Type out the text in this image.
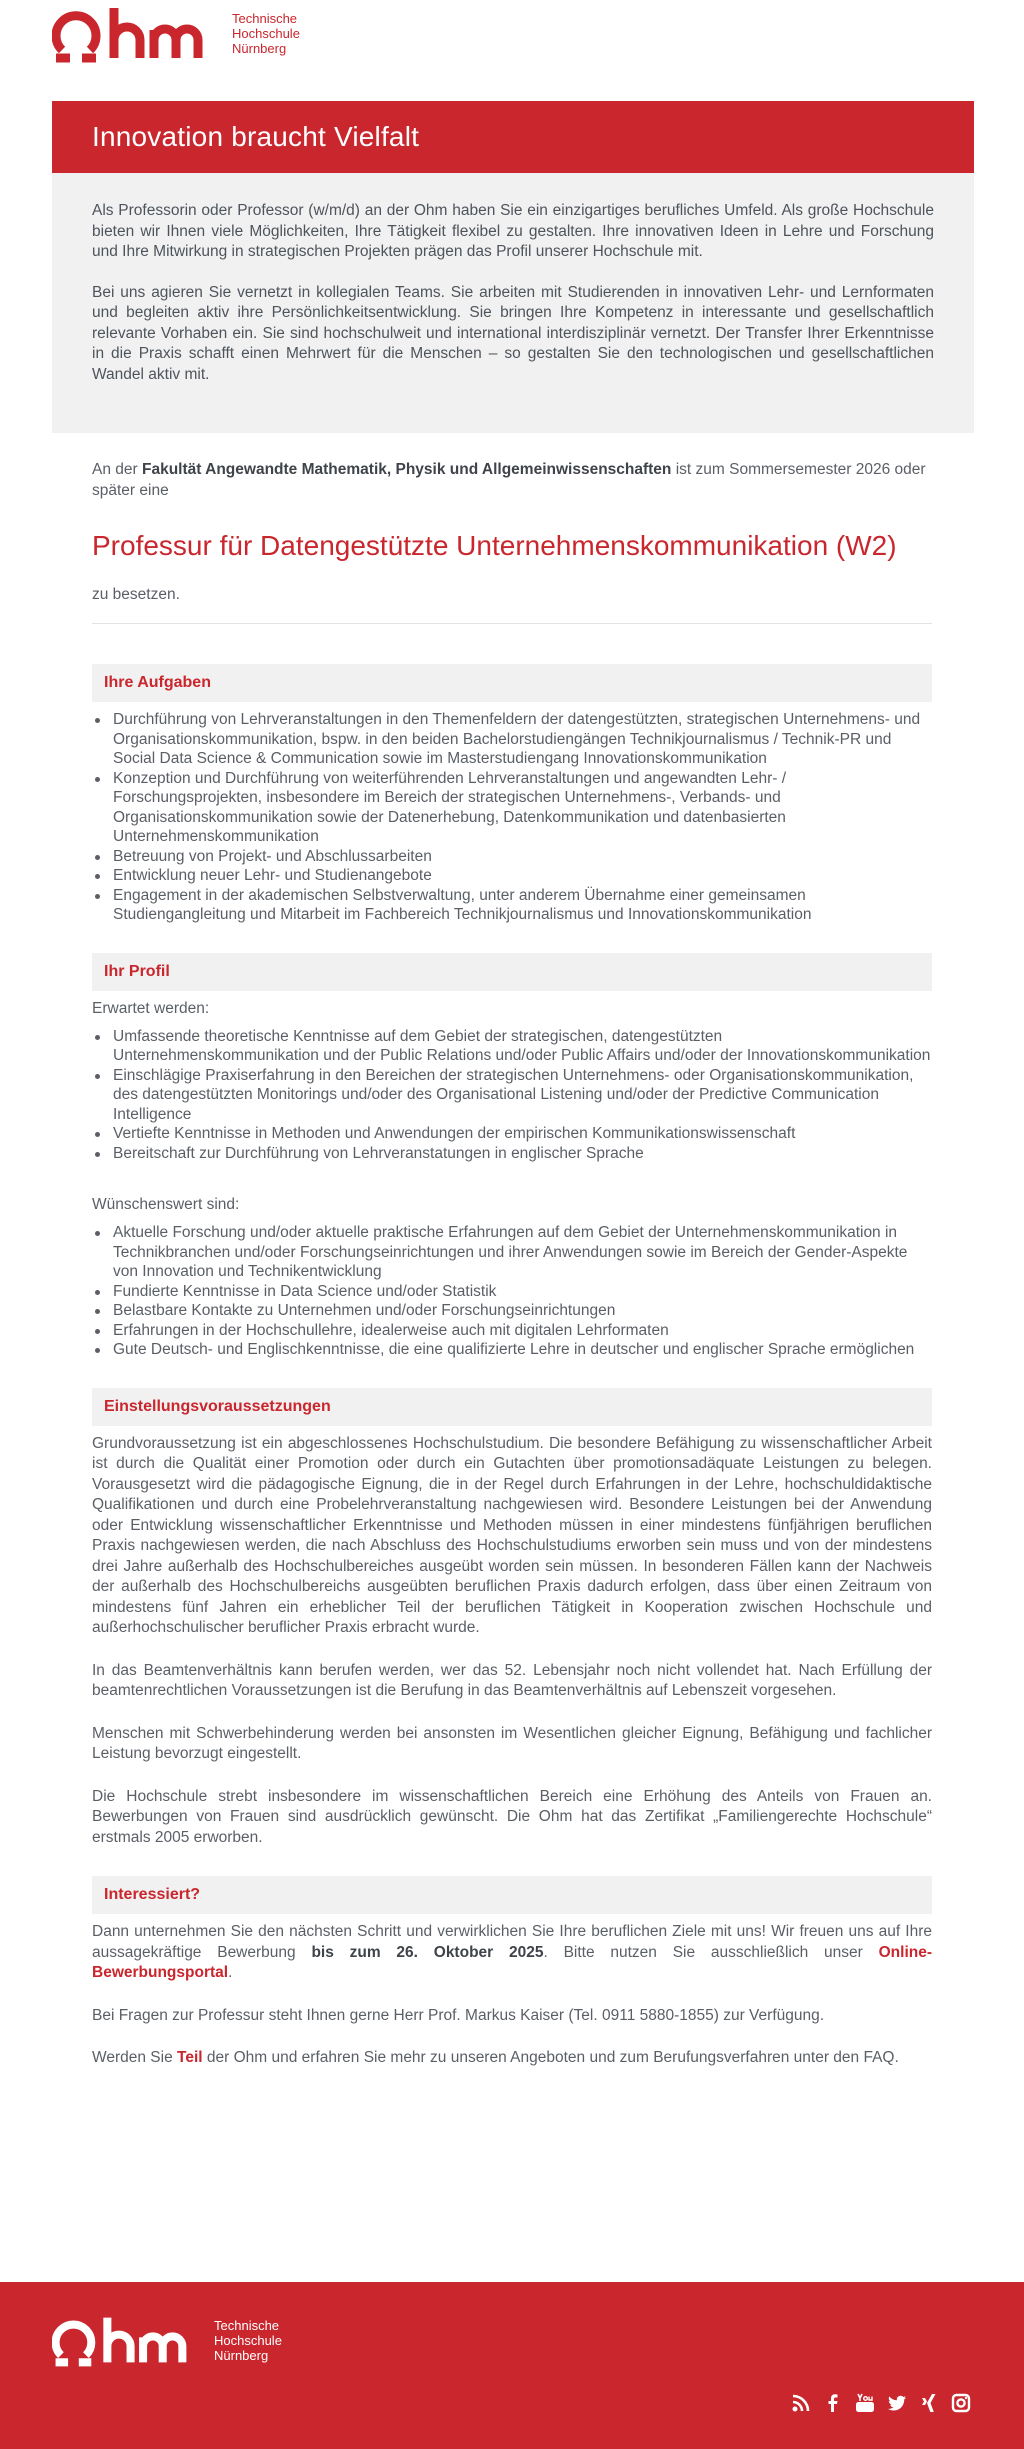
Technische
Hochschule
Nürnberg
Innovation braucht Vielfalt

Als Professorin oder Professor (w/m/d) an der Ohm haben Sie ein einzigartiges berufliches Umfeld. Als große Hochschule bieten wir Ihnen viele Möglichkeiten, Ihre Tätigkeit flexibel zu gestalten. Ihre innovativen Ideen in Lehre und Forschung und Ihre Mitwirkung in strategischen Projekten prägen das Profil unserer Hochschule mit.

Bei uns agieren Sie vernetzt in kollegialen Teams. Sie arbeiten mit Studierenden in innovativen Lehr- und Lernformaten und begleiten aktiv ihre Persönlichkeitsentwicklung. Sie bringen Ihre Kompetenz in interessante und gesellschaftlich relevante Vorhaben ein. Sie sind hochschulweit und international interdisziplinär vernetzt. Der Transfer Ihrer Erkenntnisse in die Praxis schafft einen Mehrwert für die Menschen – so gestalten Sie den technologischen und gesellschaftlichen Wandel aktiv mit.

An der Fakultät Angewandte Mathematik, Physik und Allgemeinwissenschaften ist zum Sommersemester 2026 oder später eine

Professur für Datengestützte Unternehmenskommunikation (W2)

zu besetzen.

Ihre Aufgaben
Durchführung von Lehrveranstaltungen in den Themenfeldern der datengestützten, strategischen Unternehmens- und Organisationskommunikation, bspw. in den beiden Bachelorstudiengängen Technikjournalismus / Technik-PR und Social Data Science & Communication sowie im Masterstudiengang Innovationskommunikation
Konzeption und Durchführung von weiterführenden Lehrveranstaltungen und angewandten Lehr- / Forschungsprojekten, insbesondere im Bereich der strategischen Unternehmens-, Verbands- und Organisationskommunikation sowie der Datenerhebung, Datenkommunikation und datenbasierten Unternehmenskommunikation
Betreuung von Projekt- und Abschlussarbeiten
Entwicklung neuer Lehr- und Studienangebote
Engagement in der akademischen Selbstverwaltung, unter anderem Übernahme einer gemeinsamen Studiengangleitung und Mitarbeit im Fachbereich Technikjournalismus und Innovationskommunikation
Ihr Profil

Erwartet werden:

Umfassende theoretische Kenntnisse auf dem Gebiet der strategischen, datengestützten Unternehmenskommunikation und der Public Relations und/oder Public Affairs und/oder der Innovationskommunikation
Einschlägige Praxiserfahrung in den Bereichen der strategischen Unternehmens- oder Organisationskommunikation, des datengestützten Monitorings und/oder des Organisational Listening und/oder der Predictive Communication Intelligence
Vertiefte Kenntnisse in Methoden und Anwendungen der empirischen Kommunikationswissenschaft
Bereitschaft zur Durchführung von Lehrveranstatungen in englischer Sprache

Wünschenswert sind:

Aktuelle Forschung und/oder aktuelle praktische Erfahrungen auf dem Gebiet der Unternehmenskommunikation in Technikbranchen und/oder Forschungseinrichtungen und ihrer Anwendungen sowie im Bereich der Gender-Aspekte von Innovation und Technikentwicklung
Fundierte Kenntnisse in Data Science und/oder Statistik
Belastbare Kontakte zu Unternehmen und/oder Forschungseinrichtungen
Erfahrungen in der Hochschullehre, idealerweise auch mit digitalen Lehrformaten
Gute Deutsch- und Englischkenntnisse, die eine qualifizierte Lehre in deutscher und englischer Sprache ermöglichen
Einstellungsvoraussetzungen

Grundvoraussetzung ist ein abgeschlossenes Hochschulstudium. Die besondere Befähigung zu wissenschaftlicher Arbeit ist durch die Qualität einer Promotion oder durch ein Gutachten über promotionsadäquate Leistungen zu belegen. Vorausgesetzt wird die pädagogische Eignung, die in der Regel durch Erfahrungen in der Lehre, hochschuldidaktische Qualifikationen und durch eine Probelehrveranstaltung nachgewiesen wird. Besondere Leistungen bei der Anwendung oder Entwicklung wissenschaftlicher Erkenntnisse und Methoden müssen in einer mindestens fünfjährigen beruflichen Praxis nachgewiesen werden, die nach Abschluss des Hochschulstudiums erworben sein muss und von der mindestens drei Jahre außerhalb des Hochschulbereiches ausgeübt worden sein müssen. In besonderen Fällen kann der Nachweis der außerhalb des Hochschulbereichs ausgeübten beruflichen Praxis dadurch erfolgen, dass über einen Zeitraum von mindestens fünf Jahren ein erheblicher Teil der beruflichen Tätigkeit in Kooperation zwischen Hochschule und außerhochschulischer beruflicher Praxis erbracht wurde.

In das Beamtenverhältnis kann berufen werden, wer das 52. Lebensjahr noch nicht vollendet hat. Nach Erfüllung der beamtenrechtlichen Voraussetzungen ist die Berufung in das Beamtenverhältnis auf Lebenszeit vorgesehen.

Menschen mit Schwerbehinderung werden bei ansonsten im Wesentlichen gleicher Eignung, Befähigung und fachlicher Leistung bevorzugt eingestellt.

Die Hochschule strebt insbesondere im wissenschaftlichen Bereich eine Erhöhung des Anteils von Frauen an. Bewerbungen von Frauen sind ausdrücklich gewünscht. Die Ohm hat das Zertifikat „Familiengerechte Hochschule“ erstmals 2005 erworben.

Interessiert?

Dann unternehmen Sie den nächsten Schritt und verwirklichen Sie Ihre beruflichen Ziele mit uns! Wir freuen uns auf Ihre aussagekräftige Bewerbung bis zum 26. Oktober 2025. Bitte nutzen Sie ausschließlich unser Online-Bewerbungsportal.

Bei Fragen zur Professur steht Ihnen gerne Herr Prof. Markus Kaiser (Tel. 0911 5880-1855) zur Verfügung.

Werden Sie Teil der Ohm und erfahren Sie mehr zu unseren Angeboten und zum Berufungsverfahren unter den FAQ.

Technische
Hochschule
Nürnberg
